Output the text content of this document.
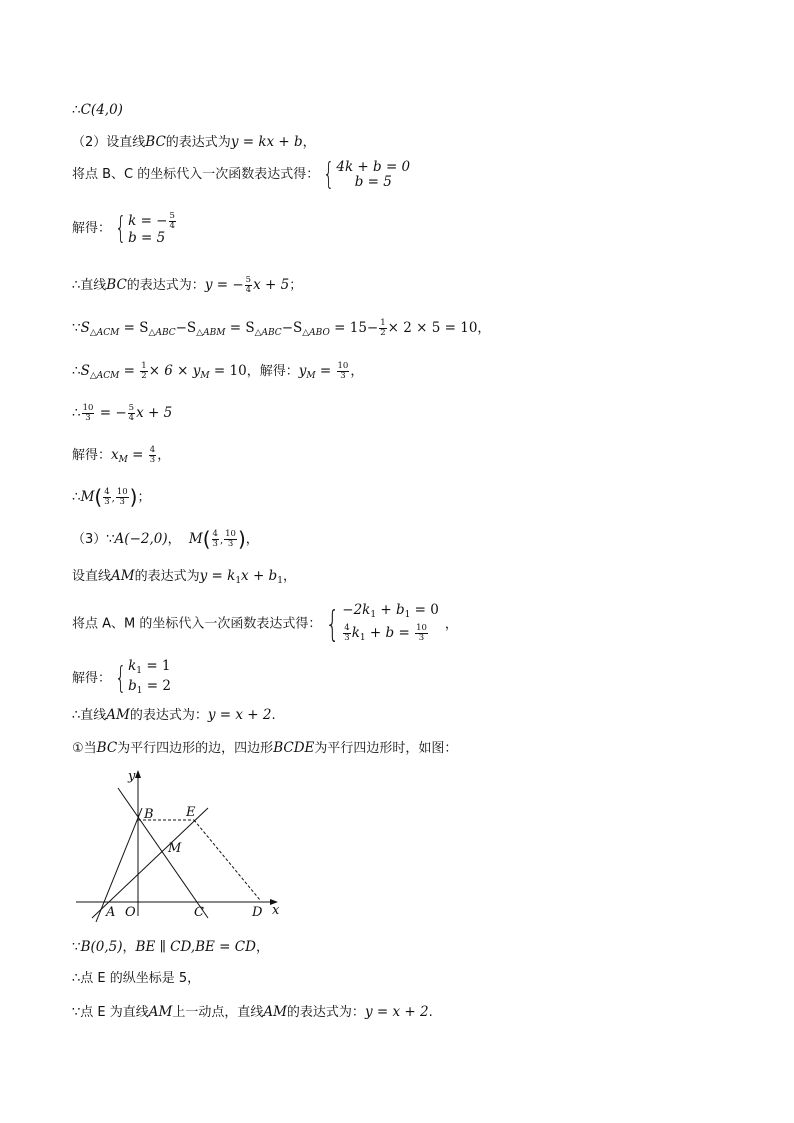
∴C(4,0)
（2）设直线BC的表达式为y = kx + b，
将点 B、C 的坐标代入一次函数表达式得： { 4k + b = 0
b = 5
解得： { k = − $\frac{5}{4}$
b = 5
∴直线BC的表达式为：y = − $\frac{5}{4}$ x + 5；
$\because S_{\triangle ACM} = S_{\triangle ABC}-S_{\triangle ABM} = S_{\triangle ABC}-S_{\triangle ABO} = 15- \frac{1}{2} \times 2 \times 5 = 10$，
$\therefore S_{\triangle ACM} = \frac{1}{2} \times 6 \times y_M = 10$，解得：$y_M = \frac{10}{3}$ ，
∴ $\frac{10}{3}$ = − $\frac{5}{4}$ x + 5
解得：$x_M = \frac{4}{3}$ ，
∴M( $\frac{4}{3}$ , $\frac{10}{3}$ )；
（3）∵A(−2,0)，  $M( \frac{4}{3}$ , $\frac{10}{3}$ )，
设直线AM的表达式为$y = k_1x + b_1$，
将点 A、M 的坐标代入一次函数表达式得： { $-2k_1 + b_1 = 0$
$\frac{4}{3} k_1 + b = \frac{10}{3}$ ，
解得： { $k_1 = 1$
$b_1 = 2$
∴直线AM的表达式为：y = x + 2.
①当BC为平行四边形的边，四边形BCDE为平行四边形时，如图：
y
x
B E
M
A O	C	D
∵B(0,5)，BE ∥ CD,BE = CD，
∴点 E 的纵坐标是 5，
∵点 E 为直线AM上一动点，直线AM的表达式为：y = x + 2.
